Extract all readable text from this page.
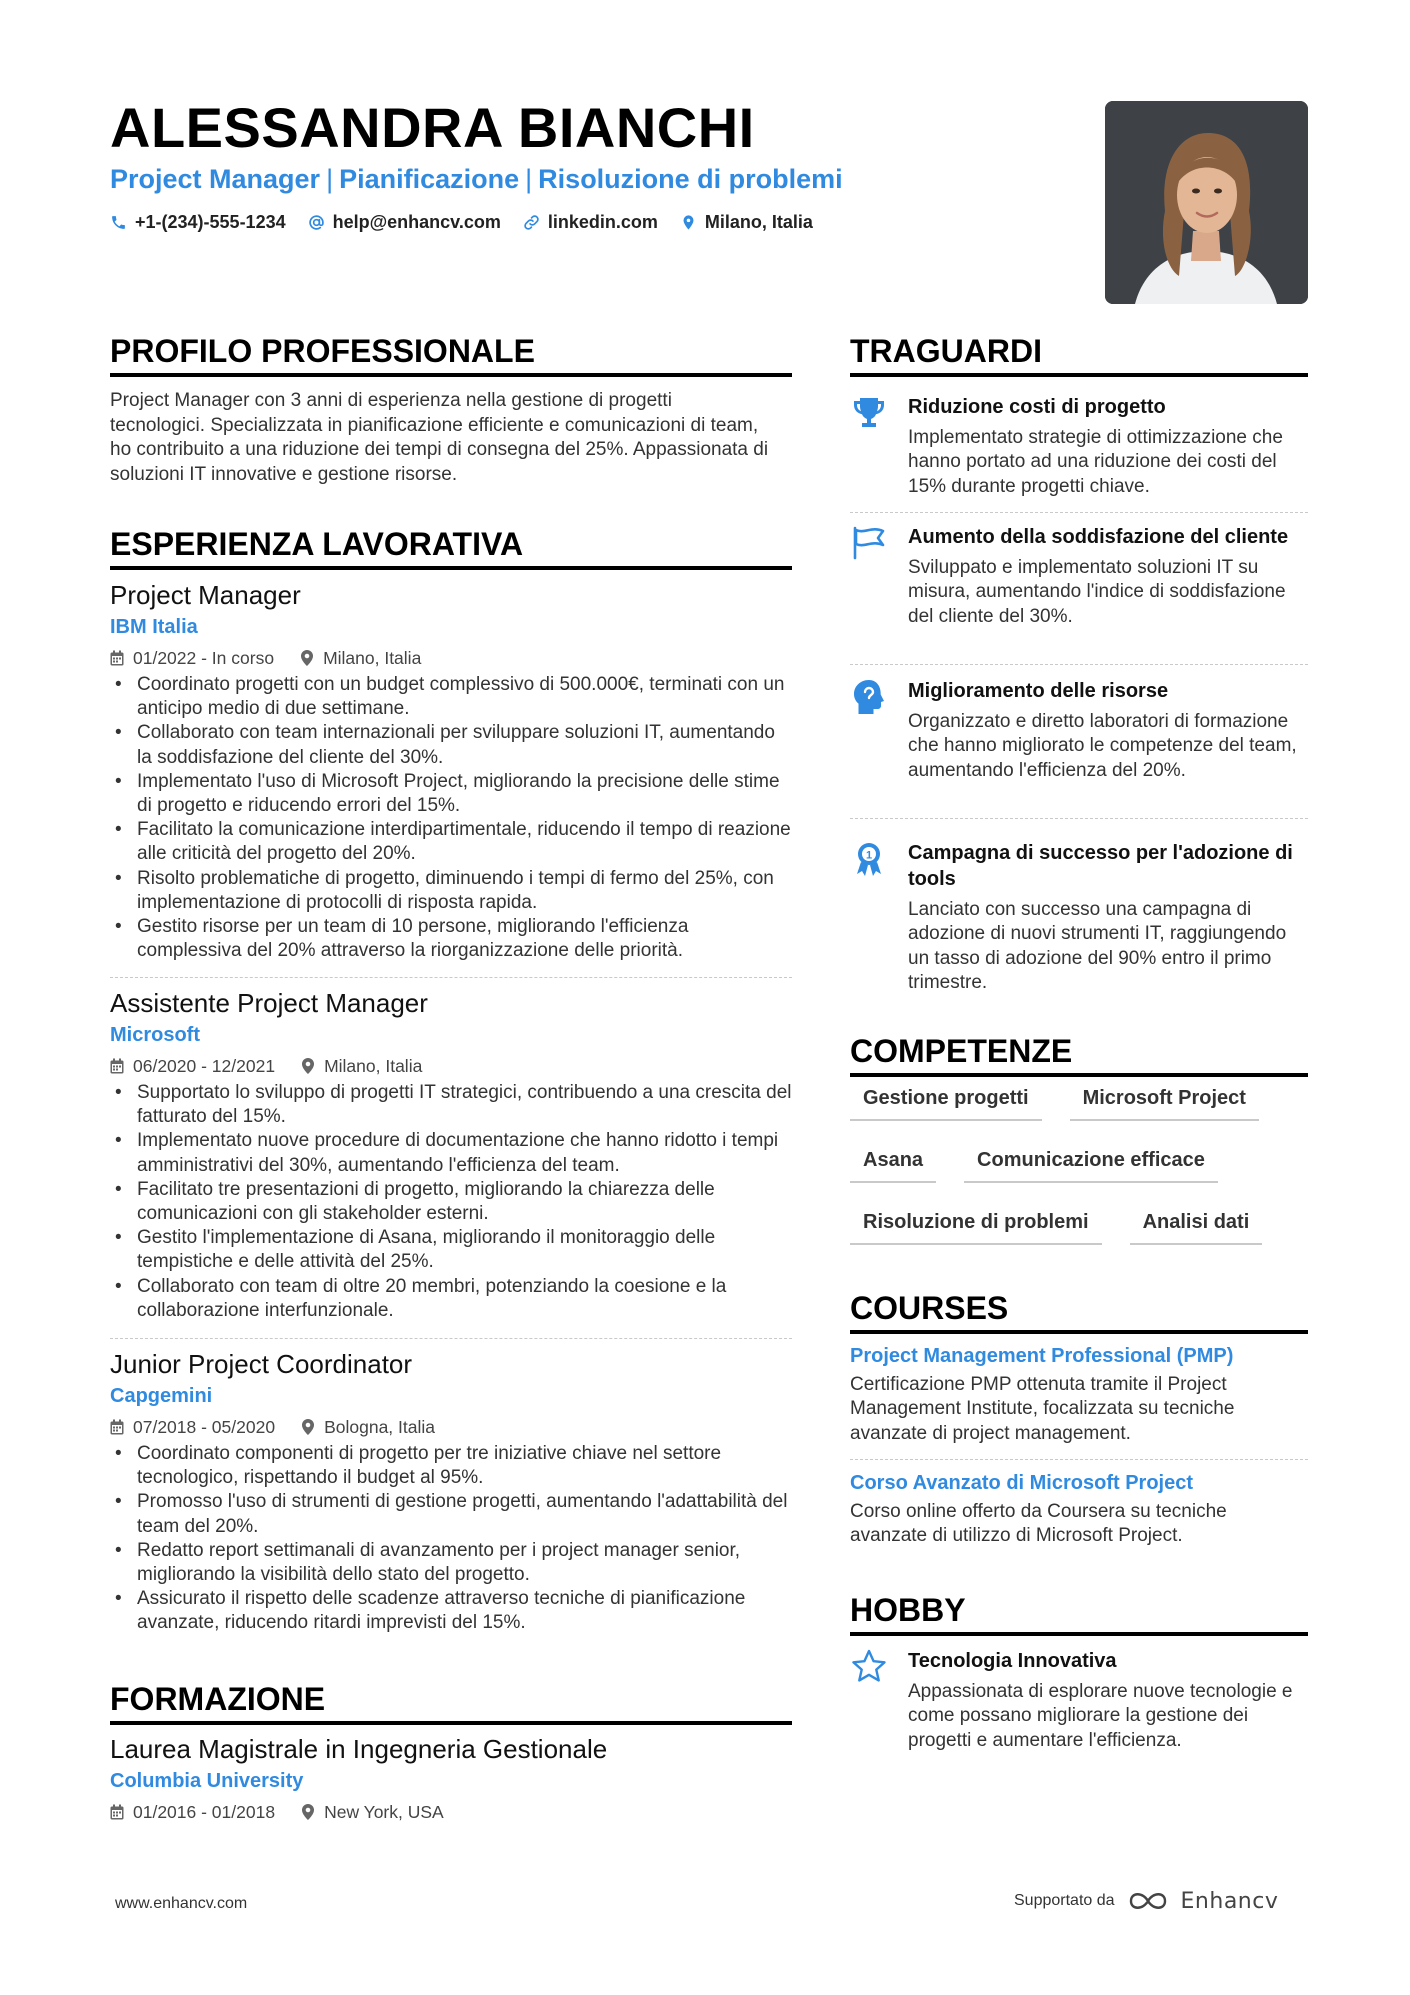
ALESSANDRA BIANCHI
Project Manager | Pianificazione | Risoluzione di problemi
+1-(234)-555-1234	help@enhancv.com	linkedin.com	Milano, Italia
PROFILO PROFESSIONALE
Project Manager con 3 anni di esperienza nella gestione di progetti tecnologici. Specializzata in pianificazione efficiente e comunicazioni di team, ho contribuito a una riduzione dei tempi di consegna del 25%. Appassionata di soluzioni IT innovative e gestione risorse.
ESPERIENZA LAVORATIVA
Project Manager
IBM Italia
01/2022 - In corso	Milano, Italia
• Coordinato progetti con un budget complessivo di 500.000€, terminati con un anticipo medio di due settimane.
• Collaborato con team internazionali per sviluppare soluzioni IT, aumentando la soddisfazione del cliente del 30%.
• Implementato l'uso di Microsoft Project, migliorando la precisione delle stime di progetto e riducendo errori del 15%.
• Facilitato la comunicazione interdipartimentale, riducendo il tempo di reazione alle criticità del progetto del 20%.
• Risolto problematiche di progetto, diminuendo i tempi di fermo del 25%, con implementazione di protocolli di risposta rapida.
• Gestito risorse per un team di 10 persone, migliorando l'efficienza complessiva del 20% attraverso la riorganizzazione delle priorità.
Assistente Project Manager
Microsoft
06/2020 - 12/2021	Milano, Italia
• Supportato lo sviluppo di progetti IT strategici, contribuendo a una crescita del fatturato del 15%.
• Implementato nuove procedure di documentazione che hanno ridotto i tempi amministrativi del 30%, aumentando l'efficienza del team.
• Facilitato tre presentazioni di progetto, migliorando la chiarezza delle comunicazioni con gli stakeholder esterni.
• Gestito l'implementazione di Asana, migliorando il monitoraggio delle tempistiche e delle attività del 25%.
• Collaborato con team di oltre 20 membri, potenziando la coesione e la collaborazione interfunzionale.
Junior Project Coordinator
Capgemini
07/2018 - 05/2020	Bologna, Italia
• Coordinato componenti di progetto per tre iniziative chiave nel settore tecnologico, rispettando il budget al 95%.
• Promosso l'uso di strumenti di gestione progetti, aumentando l'adattabilità del team del 20%.
• Redatto report settimanali di avanzamento per i project manager senior, migliorando la visibilità dello stato del progetto.
• Assicurato il rispetto delle scadenze attraverso tecniche di pianificazione avanzate, riducendo ritardi imprevisti del 15%.
FORMAZIONE
Laurea Magistrale in Ingegneria Gestionale
Columbia University
01/2016 - 01/2018	New York, USA
TRAGUARDI
Riduzione costi di progetto
Implementato strategie di ottimizzazione che hanno portato ad una riduzione dei costi del 15% durante progetti chiave.
Aumento della soddisfazione del cliente
Sviluppato e implementato soluzioni IT su misura, aumentando l'indice di soddisfazione del cliente del 30%.
Miglioramento delle risorse
Organizzato e diretto laboratori di formazione che hanno migliorato le competenze del team, aumentando l'efficienza del 20%.
1 Campagna di successo per l'adozione di tools
Lanciato con successo una campagna di adozione di nuovi strumenti IT, raggiungendo un tasso di adozione del 90% entro il primo trimestre.
COMPETENZE
Gestione progetti	Microsoft Project
Asana	Comunicazione efficace
Risoluzione di problemi	Analisi dati
COURSES
Project Management Professional (PMP)
Certificazione PMP ottenuta tramite il Project Management Institute, focalizzata su tecniche avanzate di project management.
Corso Avanzato di Microsoft Project
Corso online offerto da Coursera su tecniche avanzate di utilizzo di Microsoft Project.
HOBBY
Tecnologia Innovativa
Appassionata di esplorare nuove tecnologie e come possano migliorare la gestione dei progetti e aumentare l'efficienza.
www.enhancv.com	Supportato da	Enhancv
